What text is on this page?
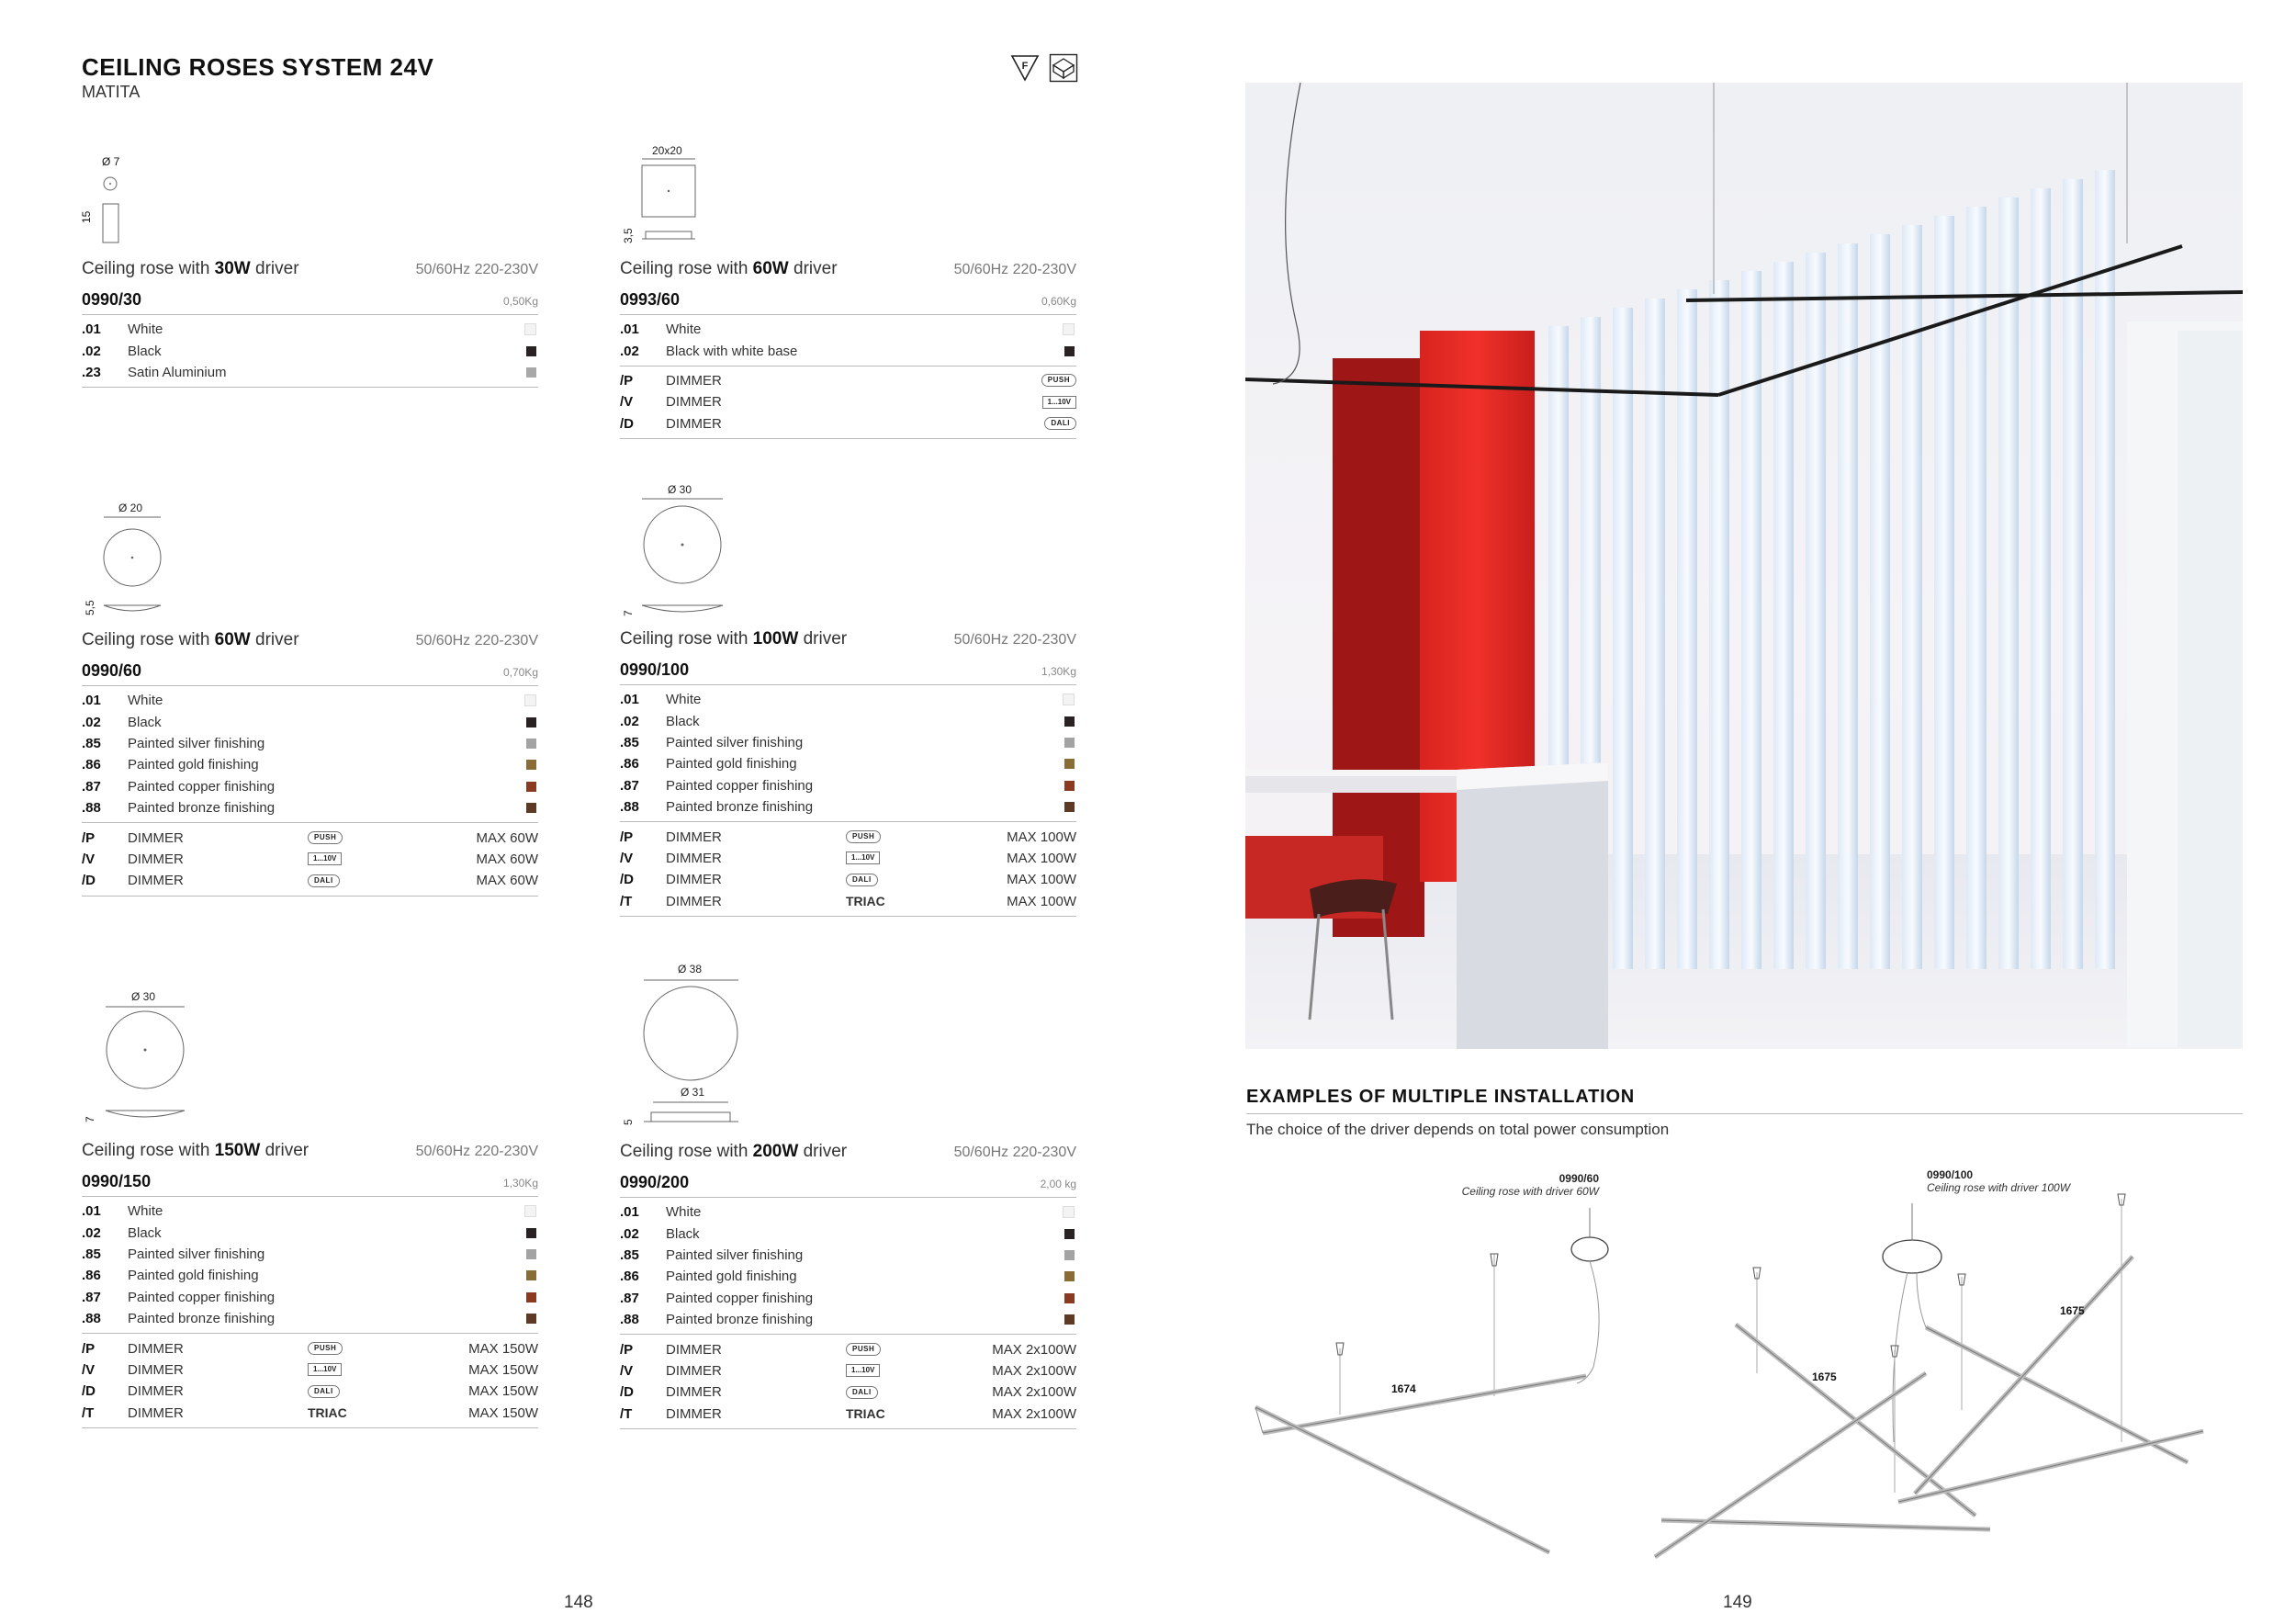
CEILING ROSES SYSTEM 24V
MATITA
F
Ø 7
15
Ceiling rose with 30W driver	50/60Hz 220-230V
0990/30	0,50Kg
.01	White
.02	Black
.23	Satin Aluminium
20x20
3,5
Ceiling rose with 60W driver	50/60Hz 220-230V
0993/60	0,60Kg
.01	White
.02	Black with white base
/P	DIMMER	PUSH
/V	DIMMER	1...10V
/D	DIMMER	DALI
Ø 20
5,5
Ceiling rose with 60W driver	50/60Hz 220-230V
0990/60	0,70Kg
.01	White
.02	Black
.85	Painted silver finishing
.86	Painted gold finishing
.87	Painted copper finishing
.88	Painted bronze finishing
/P	DIMMER	PUSH	MAX 60W
/V	DIMMER	1...10V	MAX 60W
/D	DIMMER	DALI	MAX 60W
Ø 30
7
Ceiling rose with 100W driver	50/60Hz 220-230V
0990/100	1,30Kg
.01	White
.02	Black
.85	Painted silver finishing
.86	Painted gold finishing
.87	Painted copper finishing
.88	Painted bronze finishing
/P	DIMMER	PUSH	MAX 100W
/V	DIMMER	1...10V	MAX 100W
/D	DIMMER	DALI	MAX 100W
/T	DIMMER	TRIAC	MAX 100W
Ø 30
7
Ceiling rose with 150W driver	50/60Hz 220-230V
0990/150	1,30Kg
.01	White
.02	Black
.85	Painted silver finishing
.86	Painted gold finishing
.87	Painted copper finishing
.88	Painted bronze finishing
/P	DIMMER	PUSH	MAX 150W
/V	DIMMER	1...10V	MAX 150W
/D	DIMMER	DALI	MAX 150W
/T	DIMMER	TRIAC	MAX 150W
Ø 38
Ø 31
5
Ceiling rose with 200W driver	50/60Hz 220-230V
0990/200	2,00 kg
.01	White
.02	Black
.85	Painted silver finishing
.86	Painted gold finishing
.87	Painted copper finishing
.88	Painted bronze finishing
/P	DIMMER	PUSH	MAX 2x100W
/V	DIMMER	1...10V	MAX 2x100W
/D	DIMMER	DALI	MAX 2x100W
/T	DIMMER	TRIAC	MAX 2x100W
EXAMPLES OF MULTIPLE INSTALLATION
The choice of the driver depends on total power consumption
0990/60
Ceiling rose with driver 60W
1674
0990/100
Ceiling rose with driver 100W
1675
1675
148	149
